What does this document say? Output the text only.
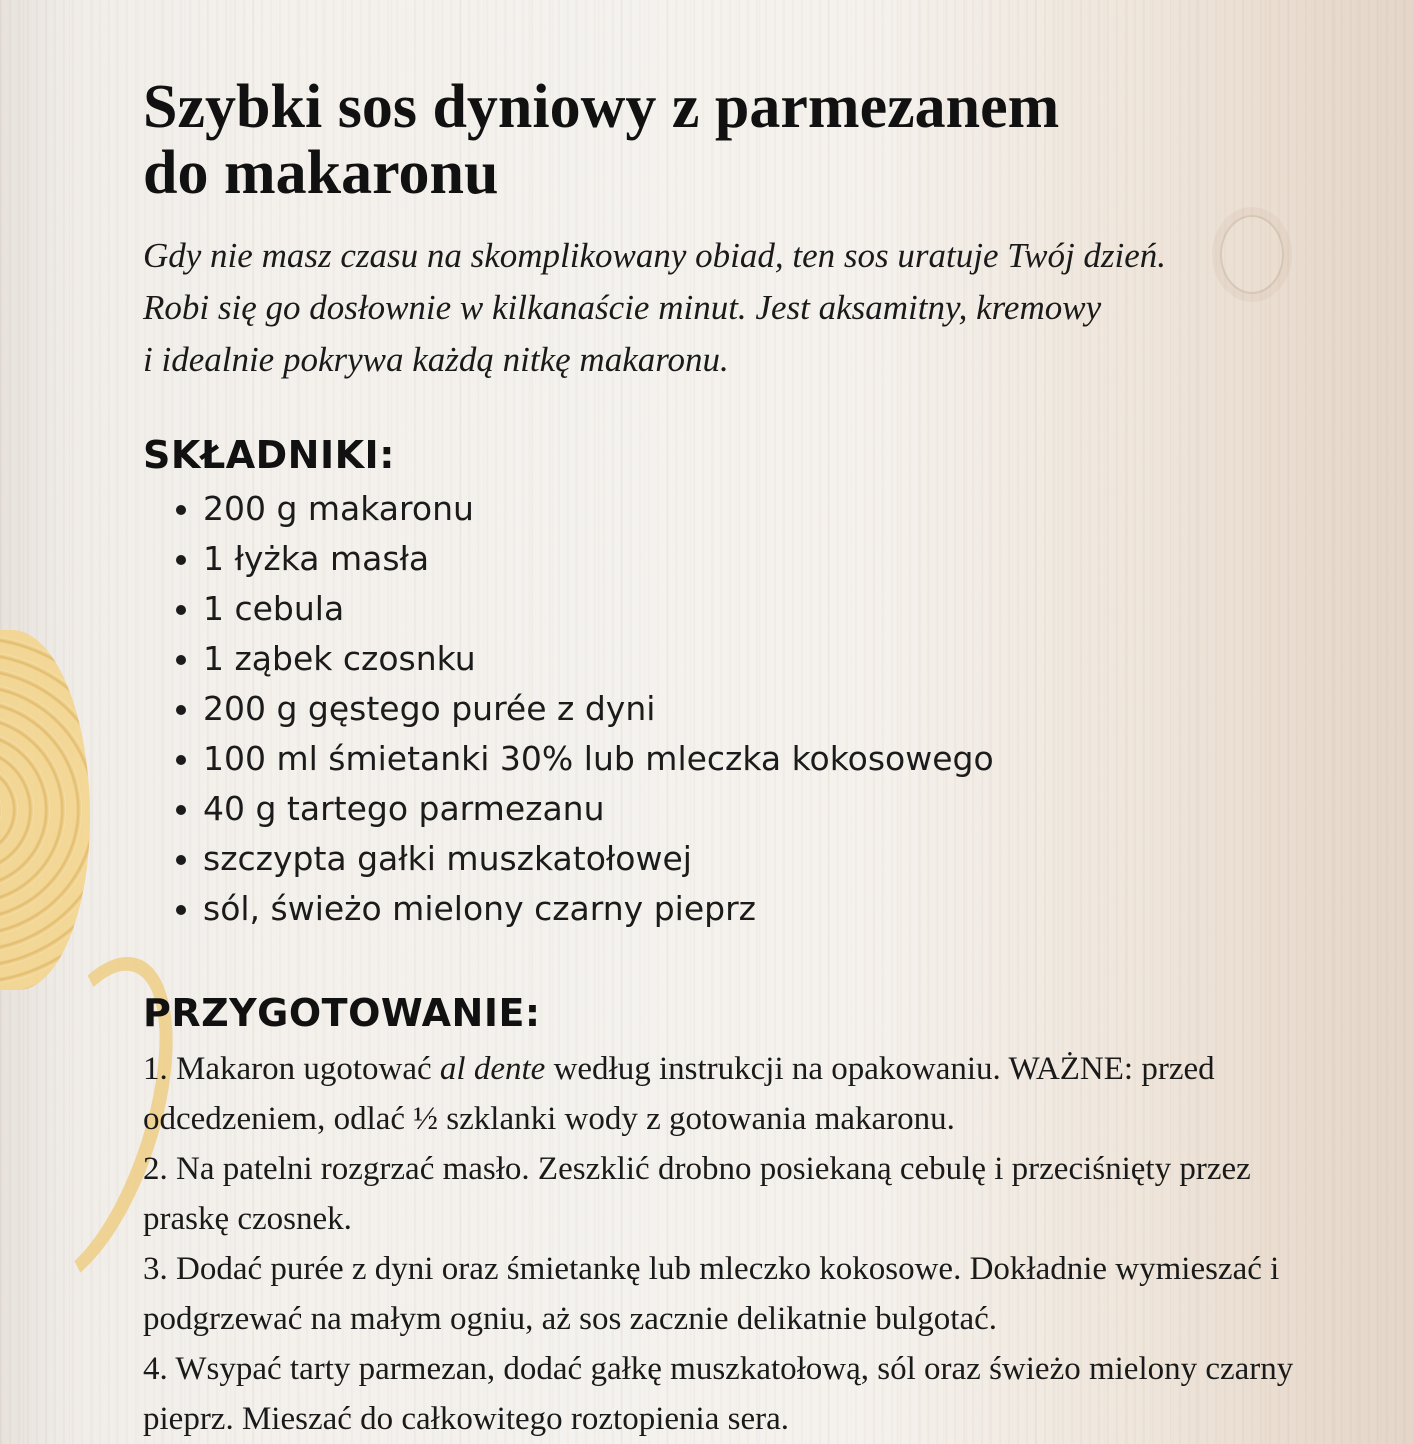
Szybki sos dyniowy z parmezanem
do makaronu

Gdy nie masz czasu na skomplikowany obiad, ten sos uratuje Twój dzień.
Robi się go dosłownie w kilkanaście minut. Jest aksamitny, kremowy
i idealnie pokrywa każdą nitkę makaronu.

SKŁADNIKI:
• 200 g makaronu
• 1 łyżka masła
• 1 cebula
• 1 ząbek czosnku
• 200 g gęstego purée z dyni
• 100 ml śmietanki 30% lub mleczka kokosowego
• 40 g tartego parmezanu
• szczypta gałki muszkatołowej
• sól, świeżo mielony czarny pieprz
PRZYGOTOWANIE:

1. Makaron ugotować al dente według instrukcji na opakowaniu. WAŻNE: przed odcedzeniem, odlać ½ szklanki wody z gotowania makaronu.

2. Na patelni rozgrzać masło. Zeszklić drobno posiekaną cebulę i przeciśnięty przez praskę czosnek.

3. Dodać purée z dyni oraz śmietankę lub mleczko kokosowe. Dokładnie wymieszać i podgrzewać na małym ogniu, aż sos zacznie delikatnie bulgotać.

4. Wsypać tarty parmezan, dodać gałkę muszkatołową, sól oraz świeżo mielony czarny pieprz. Mieszać do całkowitego roztopienia sera.
